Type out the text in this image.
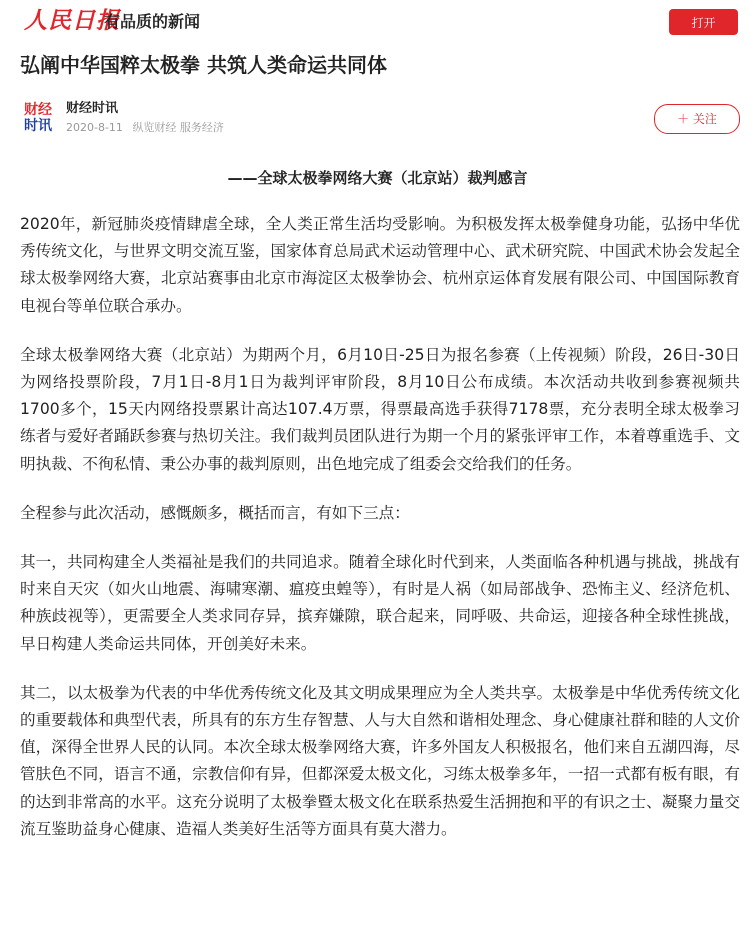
人民日报
有品质的新闻	打开
弘阐中华国粹太极拳 共筑人类命运共同体
财经
时讯
财经时讯
2020-8-11 纵览财经 服务经济
＋ 关注
——全球太极拳网络大赛（北京站）裁判感言

2020年，新冠肺炎疫情肆虐全球，全人类正常生活均受影响。为积极发挥太极拳健身功能，弘扬中华优秀传统文化，与世界文明交流互鉴，国家体育总局武术运动管理中心、武术研究院、中国武术协会发起全球太极拳网络大赛，北京站赛事由北京市海淀区太极拳协会、杭州京运体育发展有限公司、中国国际教育电视台等单位联合承办。

全球太极拳网络大赛（北京站）为期两个月，6月10日-25日为报名参赛（上传视频）阶段，26日-30日为网络投票阶段，7月1日-8月1日为裁判评审阶段，8月10日公布成绩。本次活动共收到参赛视频共1700多个，15天内网络投票累计高达107.4万票，得票最高选手获得7178票，充分表明全球太极拳习练者与爱好者踊跃参赛与热切关注。我们裁判员团队进行为期一个月的紧张评审工作，本着尊重选手、文明执裁、不徇私情、秉公办事的裁判原则，出色地完成了组委会交给我们的任务。

全程参与此次活动，感慨颇多，概括而言，有如下三点：

其一，共同构建全人类福祉是我们的共同追求。随着全球化时代到来，人类面临各种机遇与挑战，挑战有时来自天灾（如火山地震、海啸寒潮、瘟疫虫蝗等），有时是人祸（如局部战争、恐怖主义、经济危机、种族歧视等），更需要全人类求同存异，摈弃嫌隙，联合起来，同呼吸、共命运，迎接各种全球性挑战，早日构建人类命运共同体，开创美好未来。

其二，以太极拳为代表的中华优秀传统文化及其文明成果理应为全人类共享。太极拳是中华优秀传统文化的重要载体和典型代表，所具有的东方生存智慧、人与大自然和谐相处理念、身心健康社群和睦的人文价值，深得全世界人民的认同。本次全球太极拳网络大赛，许多外国友人积极报名，他们来自五湖四海，尽管肤色不同，语言不通，宗教信仰有异，但都深爱太极文化，习练太极拳多年，一招一式都有板有眼，有的达到非常高的水平。这充分说明了太极拳暨太极文化在联系热爱生活拥抱和平的有识之士、凝聚力量交流互鉴助益身心健康、造福人类美好生活等方面具有莫大潜力。
